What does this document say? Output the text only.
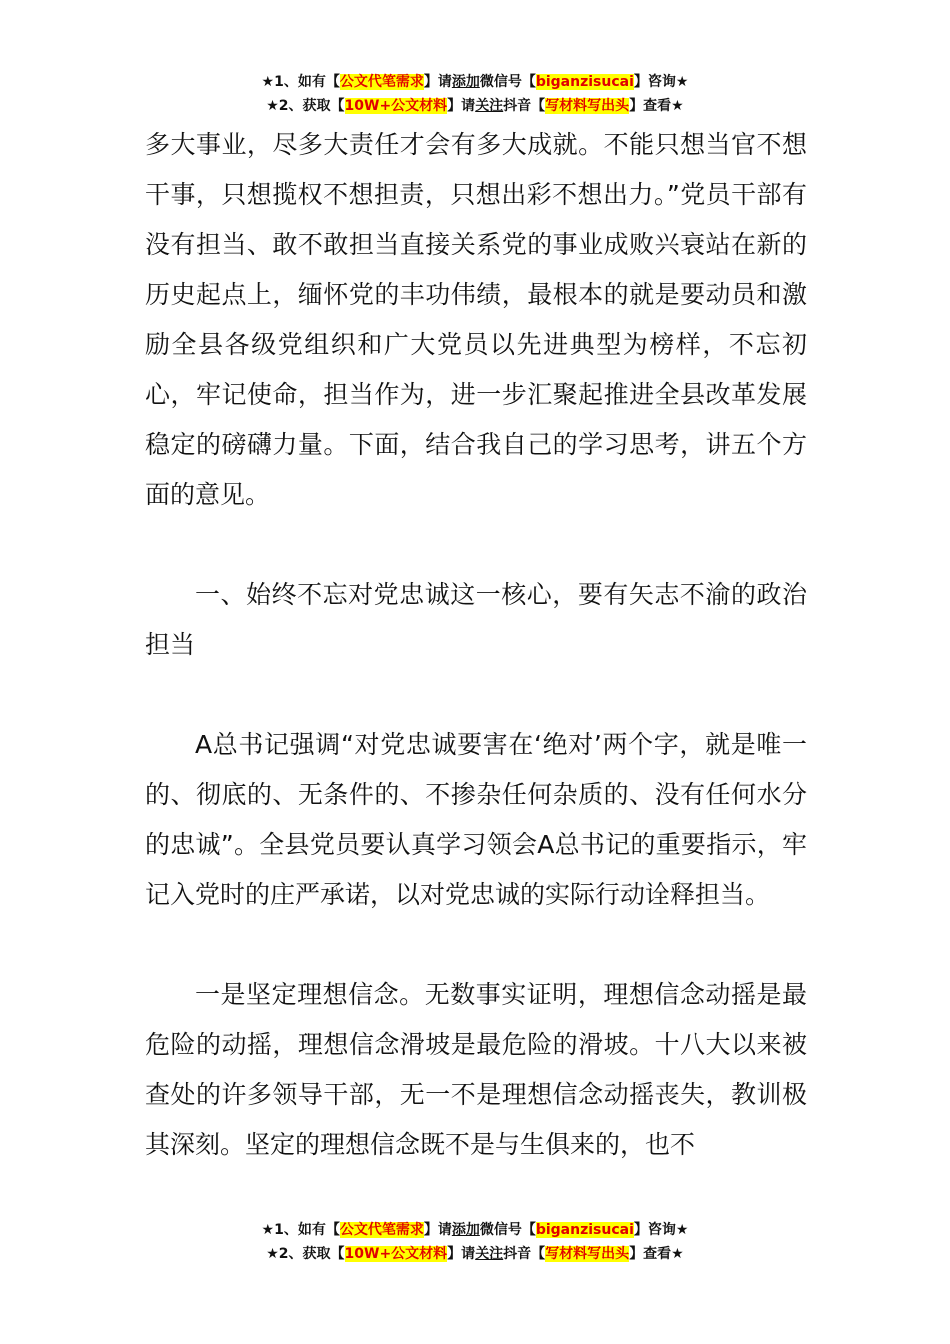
★1、如有【公文代笔需求】请添加微信号【biganzisucai】咨询★
★2、获取【10W+公文材料】请关注抖音【写材料写出头】查看★

多大事业，尽多大责任才会有多大成就。不能只想当官不想干事，只想揽权不想担责，只想出彩不想出力。”党员干部有没有担当、敢不敢担当直接关系党的事业成败兴衰站在新的历史起点上，缅怀党的丰功伟绩，最根本的就是要动员和激励全县各级党组织和广大党员以先进典型为榜样，不忘初心，牢记使命，担当作为，进一步汇聚起推进全县改革发展稳定的磅礴力量。下面，结合我自己的学习思考，讲五个方面的意见。

一、始终不忘对党忠诚这一核心，要有矢志不渝的政治担当

A总书记强调“对党忠诚要害在‘绝对’两个字，就是唯一的、彻底的、无条件的、不掺杂任何杂质的、没有任何水分的忠诚”。全县党员要认真学习领会A总书记的重要指示，牢记入党时的庄严承诺，以对党忠诚的实际行动诠释担当。

一是坚定理想信念。无数事实证明，理想信念动摇是最危险的动摇，理想信念滑坡是最危险的滑坡。十八大以来被查处的许多领导干部，无一不是理想信念动摇丧失，教训极其深刻。坚定的理想信念既不是与生俱来的，也不

★1、如有【公文代笔需求】请添加微信号【biganzisucai】咨询★
★2、获取【10W+公文材料】请关注抖音【写材料写出头】查看★
